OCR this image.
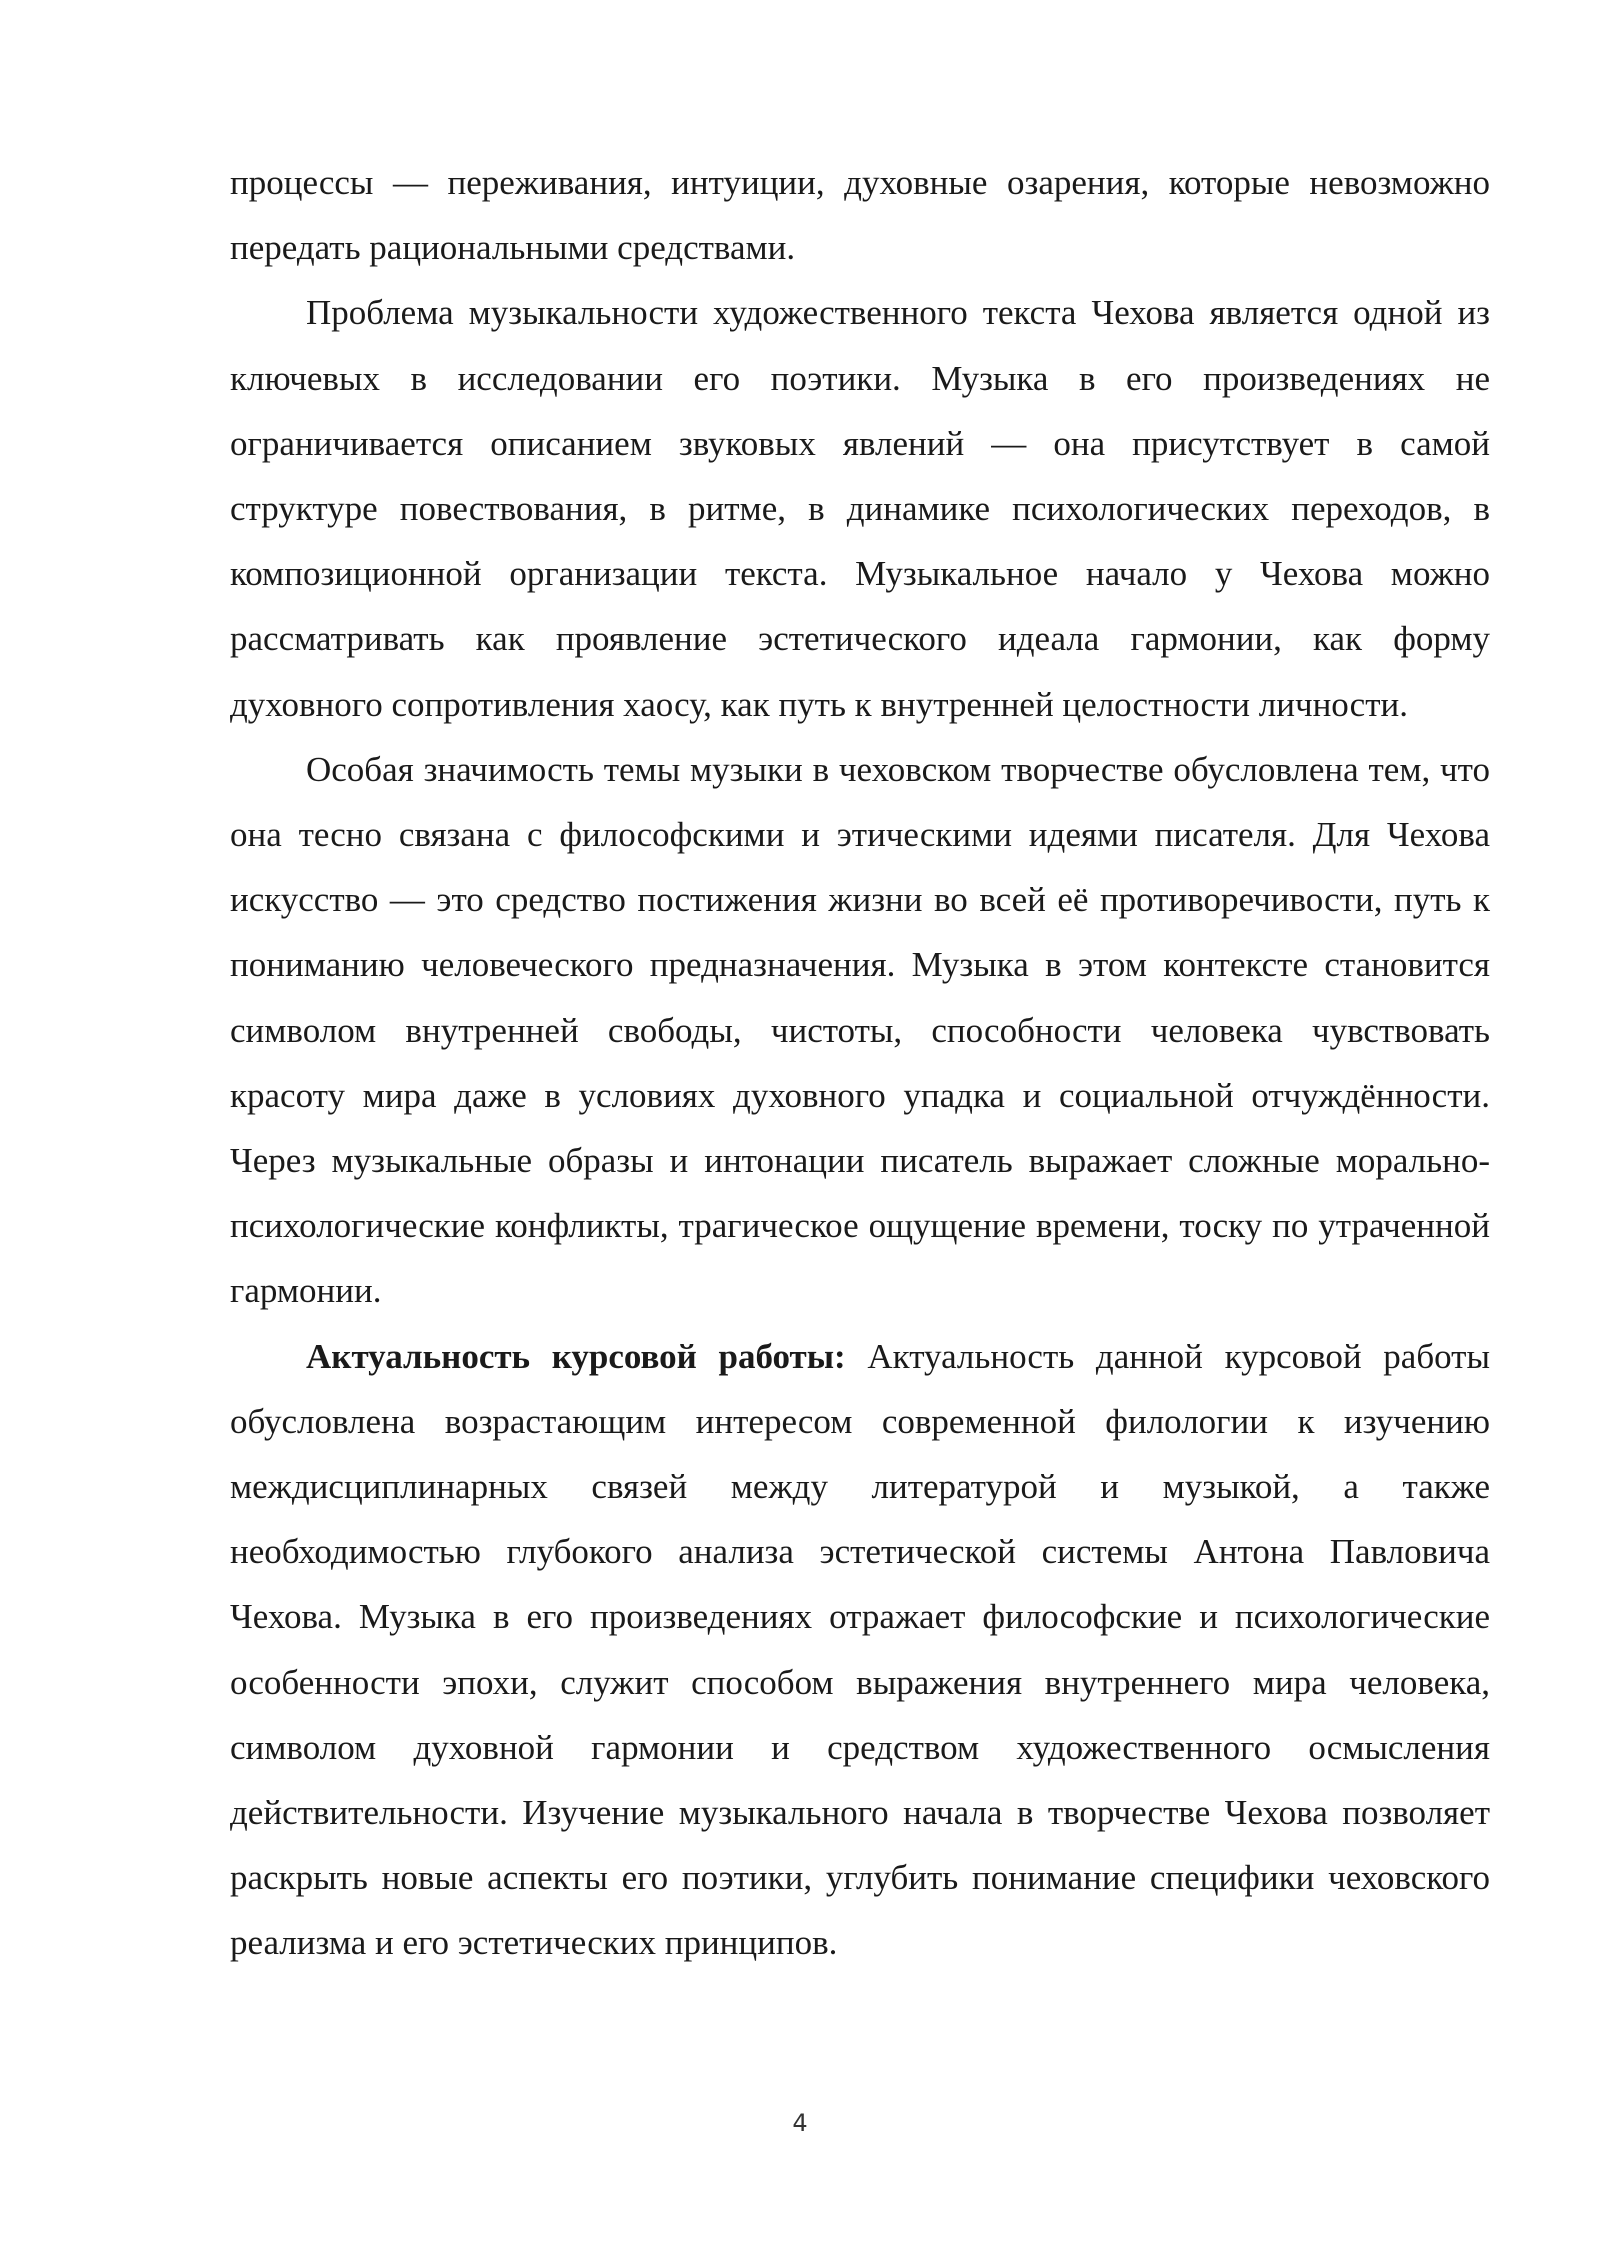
процессы — переживания, интуиции, духовные озарения, которые невозможно передать рациональными средствами.

Проблема музыкальности художественного текста Чехова является одной из ключевых в исследовании его поэтики. Музыка в его произведениях не ограничивается описанием звуковых явлений — она присутствует в самой структуре повествования, в ритме, в динамике психологических переходов, в композиционной организации текста. Музыкальное начало у Чехова можно рассматривать как проявление эстетического идеала гармонии, как форму духовного сопротивления хаосу, как путь к внутренней целостности личности.

Особая значимость темы музыки в чеховском творчестве обусловлена тем, что она тесно связана с философскими и этическими идеями писателя. Для Чехова искусство — это средство постижения жизни во всей её противоречивости, путь к пониманию человеческого предназначения. Музыка в этом контексте становится символом внутренней свободы, чистоты, способности человека чувствовать красоту мира даже в условиях духовного упадка и социальной отчуждённости. Через музыкальные образы и интонации писатель выражает сложные морально-психологические конфликты, трагическое ощущение времени, тоску по утраченной гармонии.

Актуальность курсовой работы: Актуальность данной курсовой работы обусловлена возрастающим интересом современной филологии к изучению междисциплинарных связей между литературой и музыкой, а также необходимостью глубокого анализа эстетической системы Антона Павловича Чехова. Музыка в его произведениях отражает философские и психологические особенности эпохи, служит способом выражения внутреннего мира человека, символом духовной гармонии и средством художественного осмысления действительности. Изучение музыкального начала в творчестве Чехова позволяет раскрыть новые аспекты его поэтики, углубить понимание специфики чеховского реализма и его эстетических принципов.

4
